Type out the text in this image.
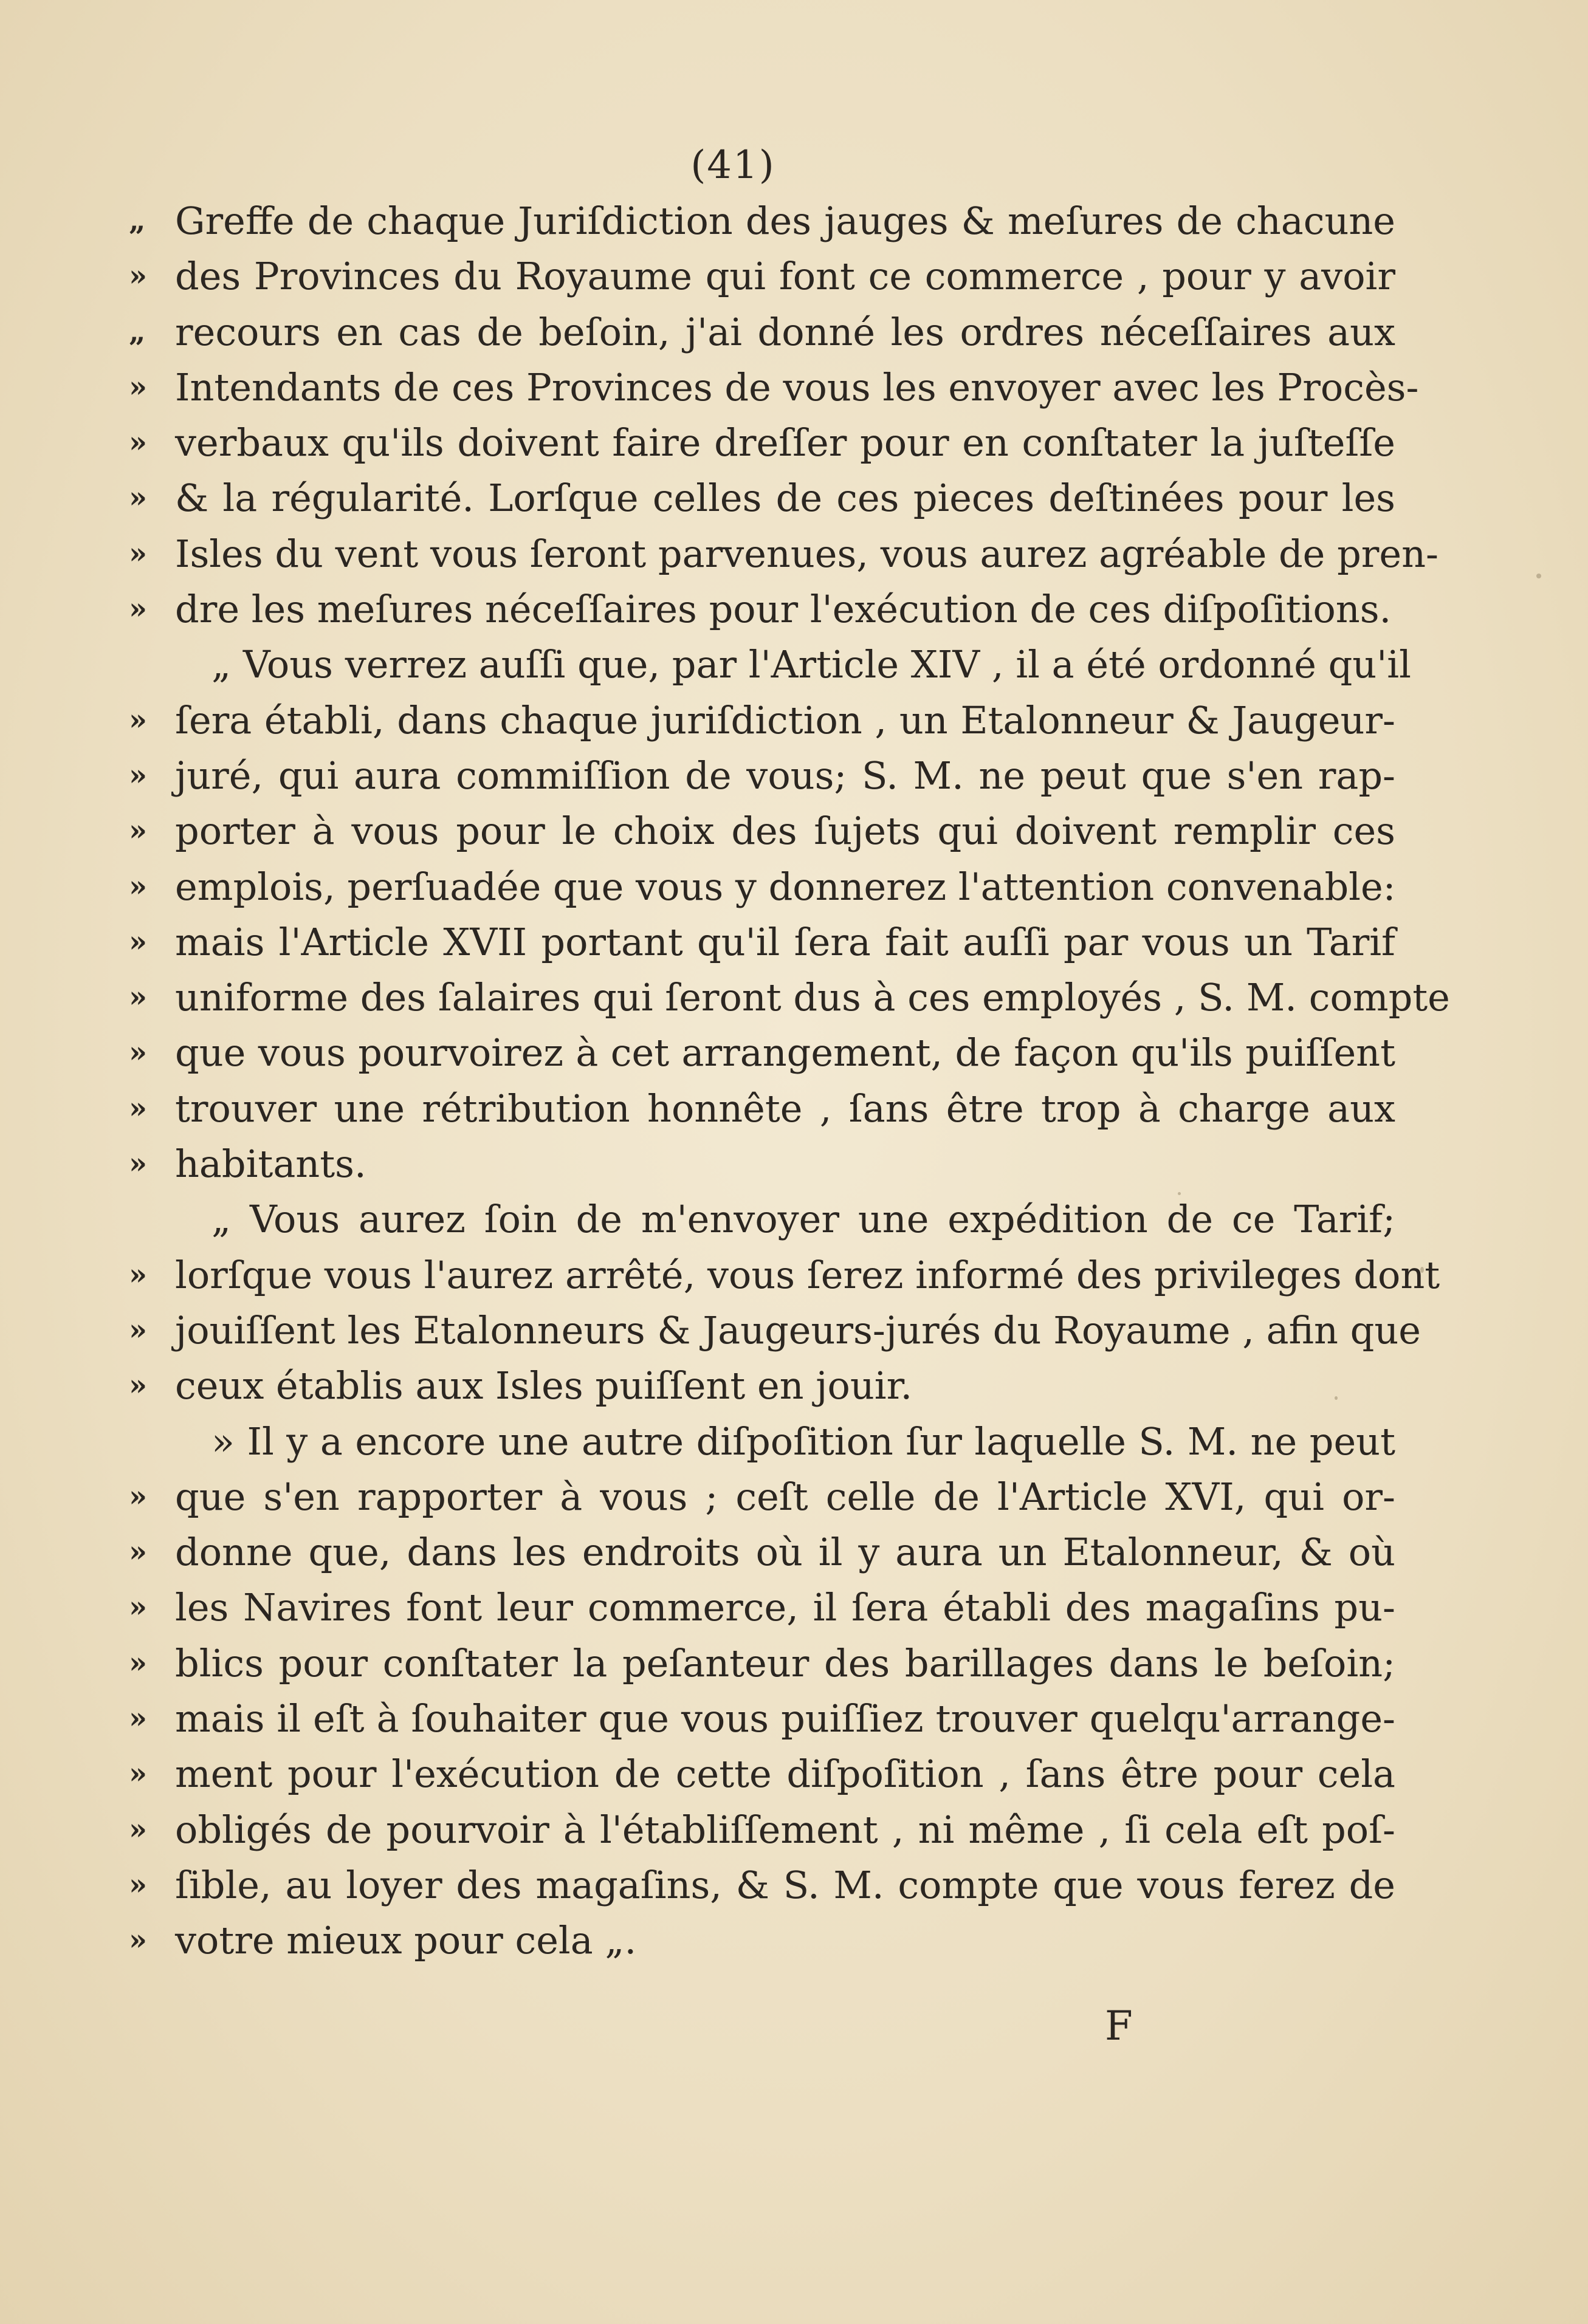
(41)
„ Greffe de chaque Juriſdiction des jauges & meſures de chacune
» des Provinces du Royaume qui font ce commerce , pour y avoir
„ recours en cas de beſoin, j'ai donné les ordres néceſſaires aux
» Intendants de ces Provinces de vous les envoyer avec les Procès-
» verbaux qu'ils doivent faire dreſſer pour en conſtater la juſteſſe
» & la régularité. Lorſque celles de ces pieces deſtinées pour les
» Isles du vent vous ſeront parvenues, vous aurez agréable de pren-
» dre les meſures néceſſaires pour l'exécution de ces diſpoſitions.
„ Vous verrez auſſi que, par l'Article XIV , il a été ordonné qu'il
» ſera établi, dans chaque juriſdiction , un Etalonneur & Jaugeur-
» juré, qui aura commiſſion de vous; S. M. ne peut que s'en rap-
» porter à vous pour le choix des ſujets qui doivent remplir ces
» emplois, perſuadée que vous y donnerez l'attention convenable:
» mais l'Article XVII portant qu'il ſera fait auſſi par vous un Tarif
» uniforme des ſalaires qui ſeront dus à ces employés , S. M. compte
» que vous pourvoirez à cet arrangement, de façon qu'ils puiſſent
» trouver une rétribution honnête , ſans être trop à charge aux
» habitants.
„ Vous aurez ſoin de m'envoyer une expédition de ce Tarif;
» lorſque vous l'aurez arrêté, vous ſerez informé des privileges dont
» jouiſſent les Etalonneurs & Jaugeurs-jurés du Royaume , afin que
» ceux établis aux Isles puiſſent en jouir.
» Il y a encore une autre diſpoſition ſur laquelle S. M. ne peut
» que s'en rapporter à vous ; ceſt celle de l'Article XVI, qui or-
» donne que, dans les endroits où il y aura un Etalonneur, & où
» les Navires font leur commerce, il ſera établi des magaſins pu-
» blics pour conſtater la peſanteur des barillages dans le beſoin;
» mais il eſt à ſouhaiter que vous puiſſiez trouver quelqu'arrange-
» ment pour l'exécution de cette diſpoſition , ſans être pour cela
» obligés de pourvoir à l'établiſſement , ni même , ſi cela eſt poſ-
» ſible, au loyer des magaſins, & S. M. compte que vous ferez de
» votre mieux pour cela „.
F
